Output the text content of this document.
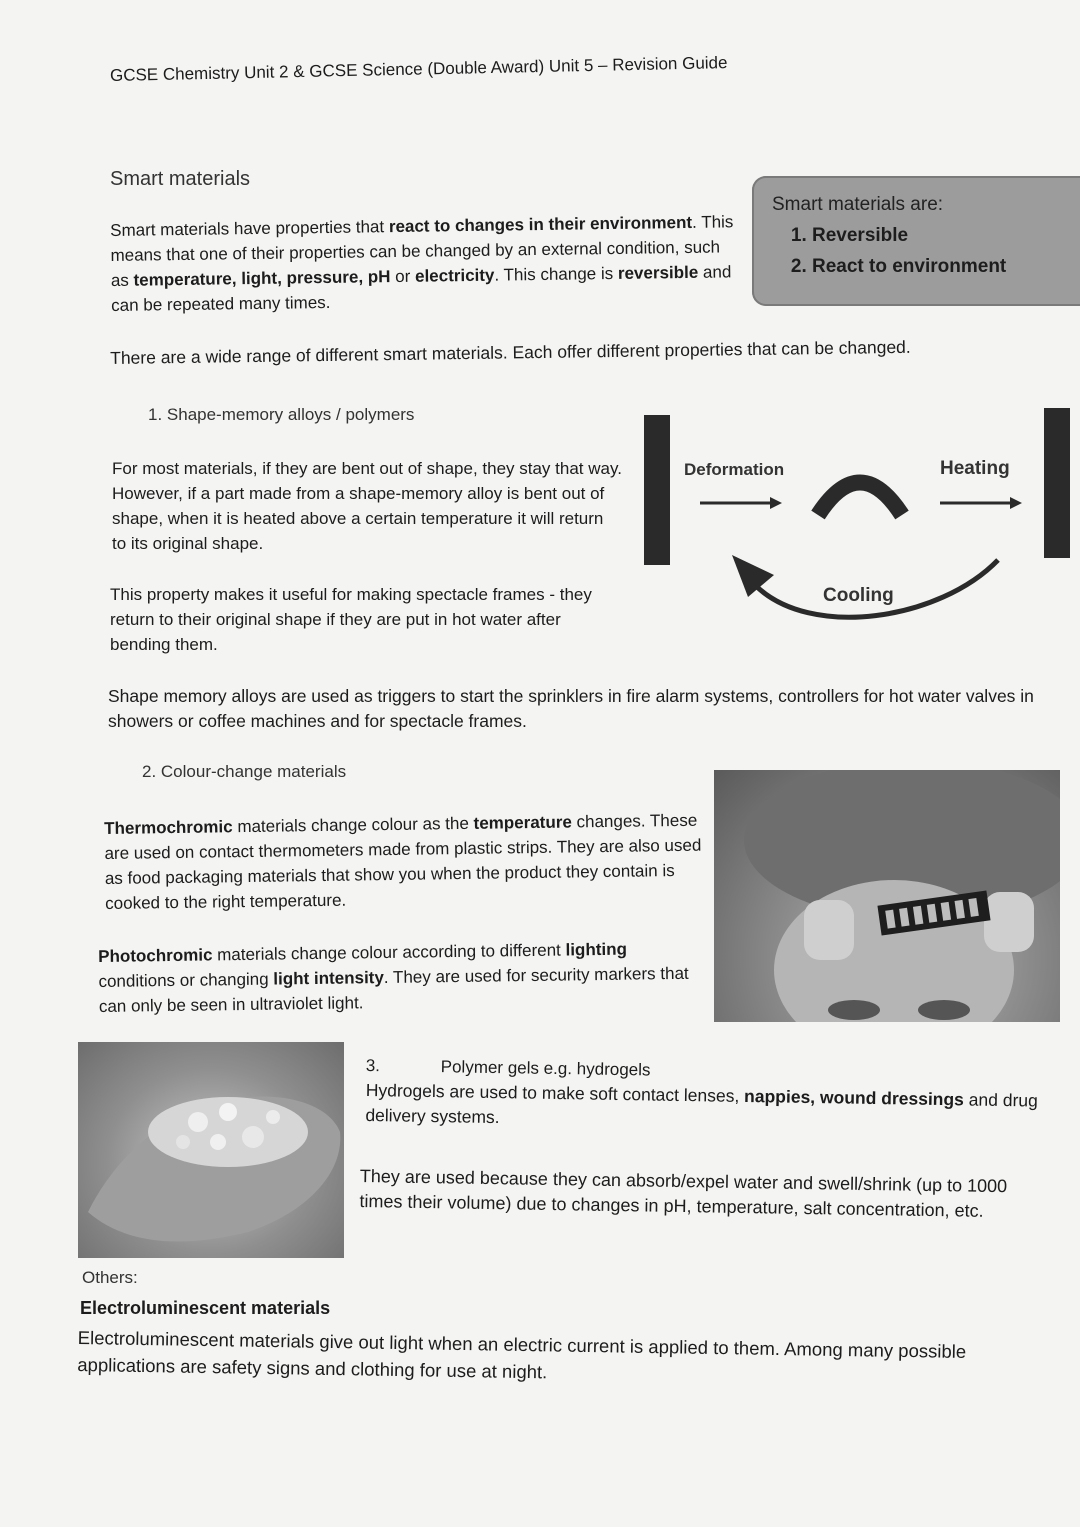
GCSE Chemistry Unit 2 & GCSE Science (Double Award) Unit 5 – Revision Guide
Smart materials
Smart materials have properties that react to changes in their environment. This means that one of their properties can be changed by an external condition, such as temperature, light, pressure, pH or electricity. This change is reversible and can be repeated many times.
Smart materials are:
1. Reversible
2. React to environment
There are a wide range of different smart materials. Each offer different properties that can be changed.
1. Shape-memory alloys / polymers
For most materials, if they are bent out of shape, they stay that way. However, if a part made from a shape-memory alloy is bent out of shape, when it is heated above a certain temperature it will return to its original shape.
This property makes it useful for making spectacle frames - they return to their original shape if they are put in hot water after bending them.
Deformation	Heating
Cooling
Shape memory alloys are used as triggers to start the sprinklers in fire alarm systems, controllers for hot water valves in showers or coffee machines and for spectacle frames.
2. Colour-change materials
Thermochromic materials change colour as the temperature changes. These are used on contact thermometers made from plastic strips. They are also used as food packaging materials that show you when the product they contain is cooked to the right temperature.
Photochromic materials change colour according to different lighting conditions or changing light intensity. They are used for security markers that can only be seen in ultraviolet light.
3.	Polymer gels e.g. hydrogels
Hydrogels are used to make soft contact lenses, nappies, wound dressings and drug delivery systems.
They are used because they can absorb/expel water and swell/shrink (up to 1000 times their volume) due to changes in pH, temperature, salt concentration, etc.
Others:
Electroluminescent materials
Electroluminescent materials give out light when an electric current is applied to them. Among many possible applications are safety signs and clothing for use at night.
